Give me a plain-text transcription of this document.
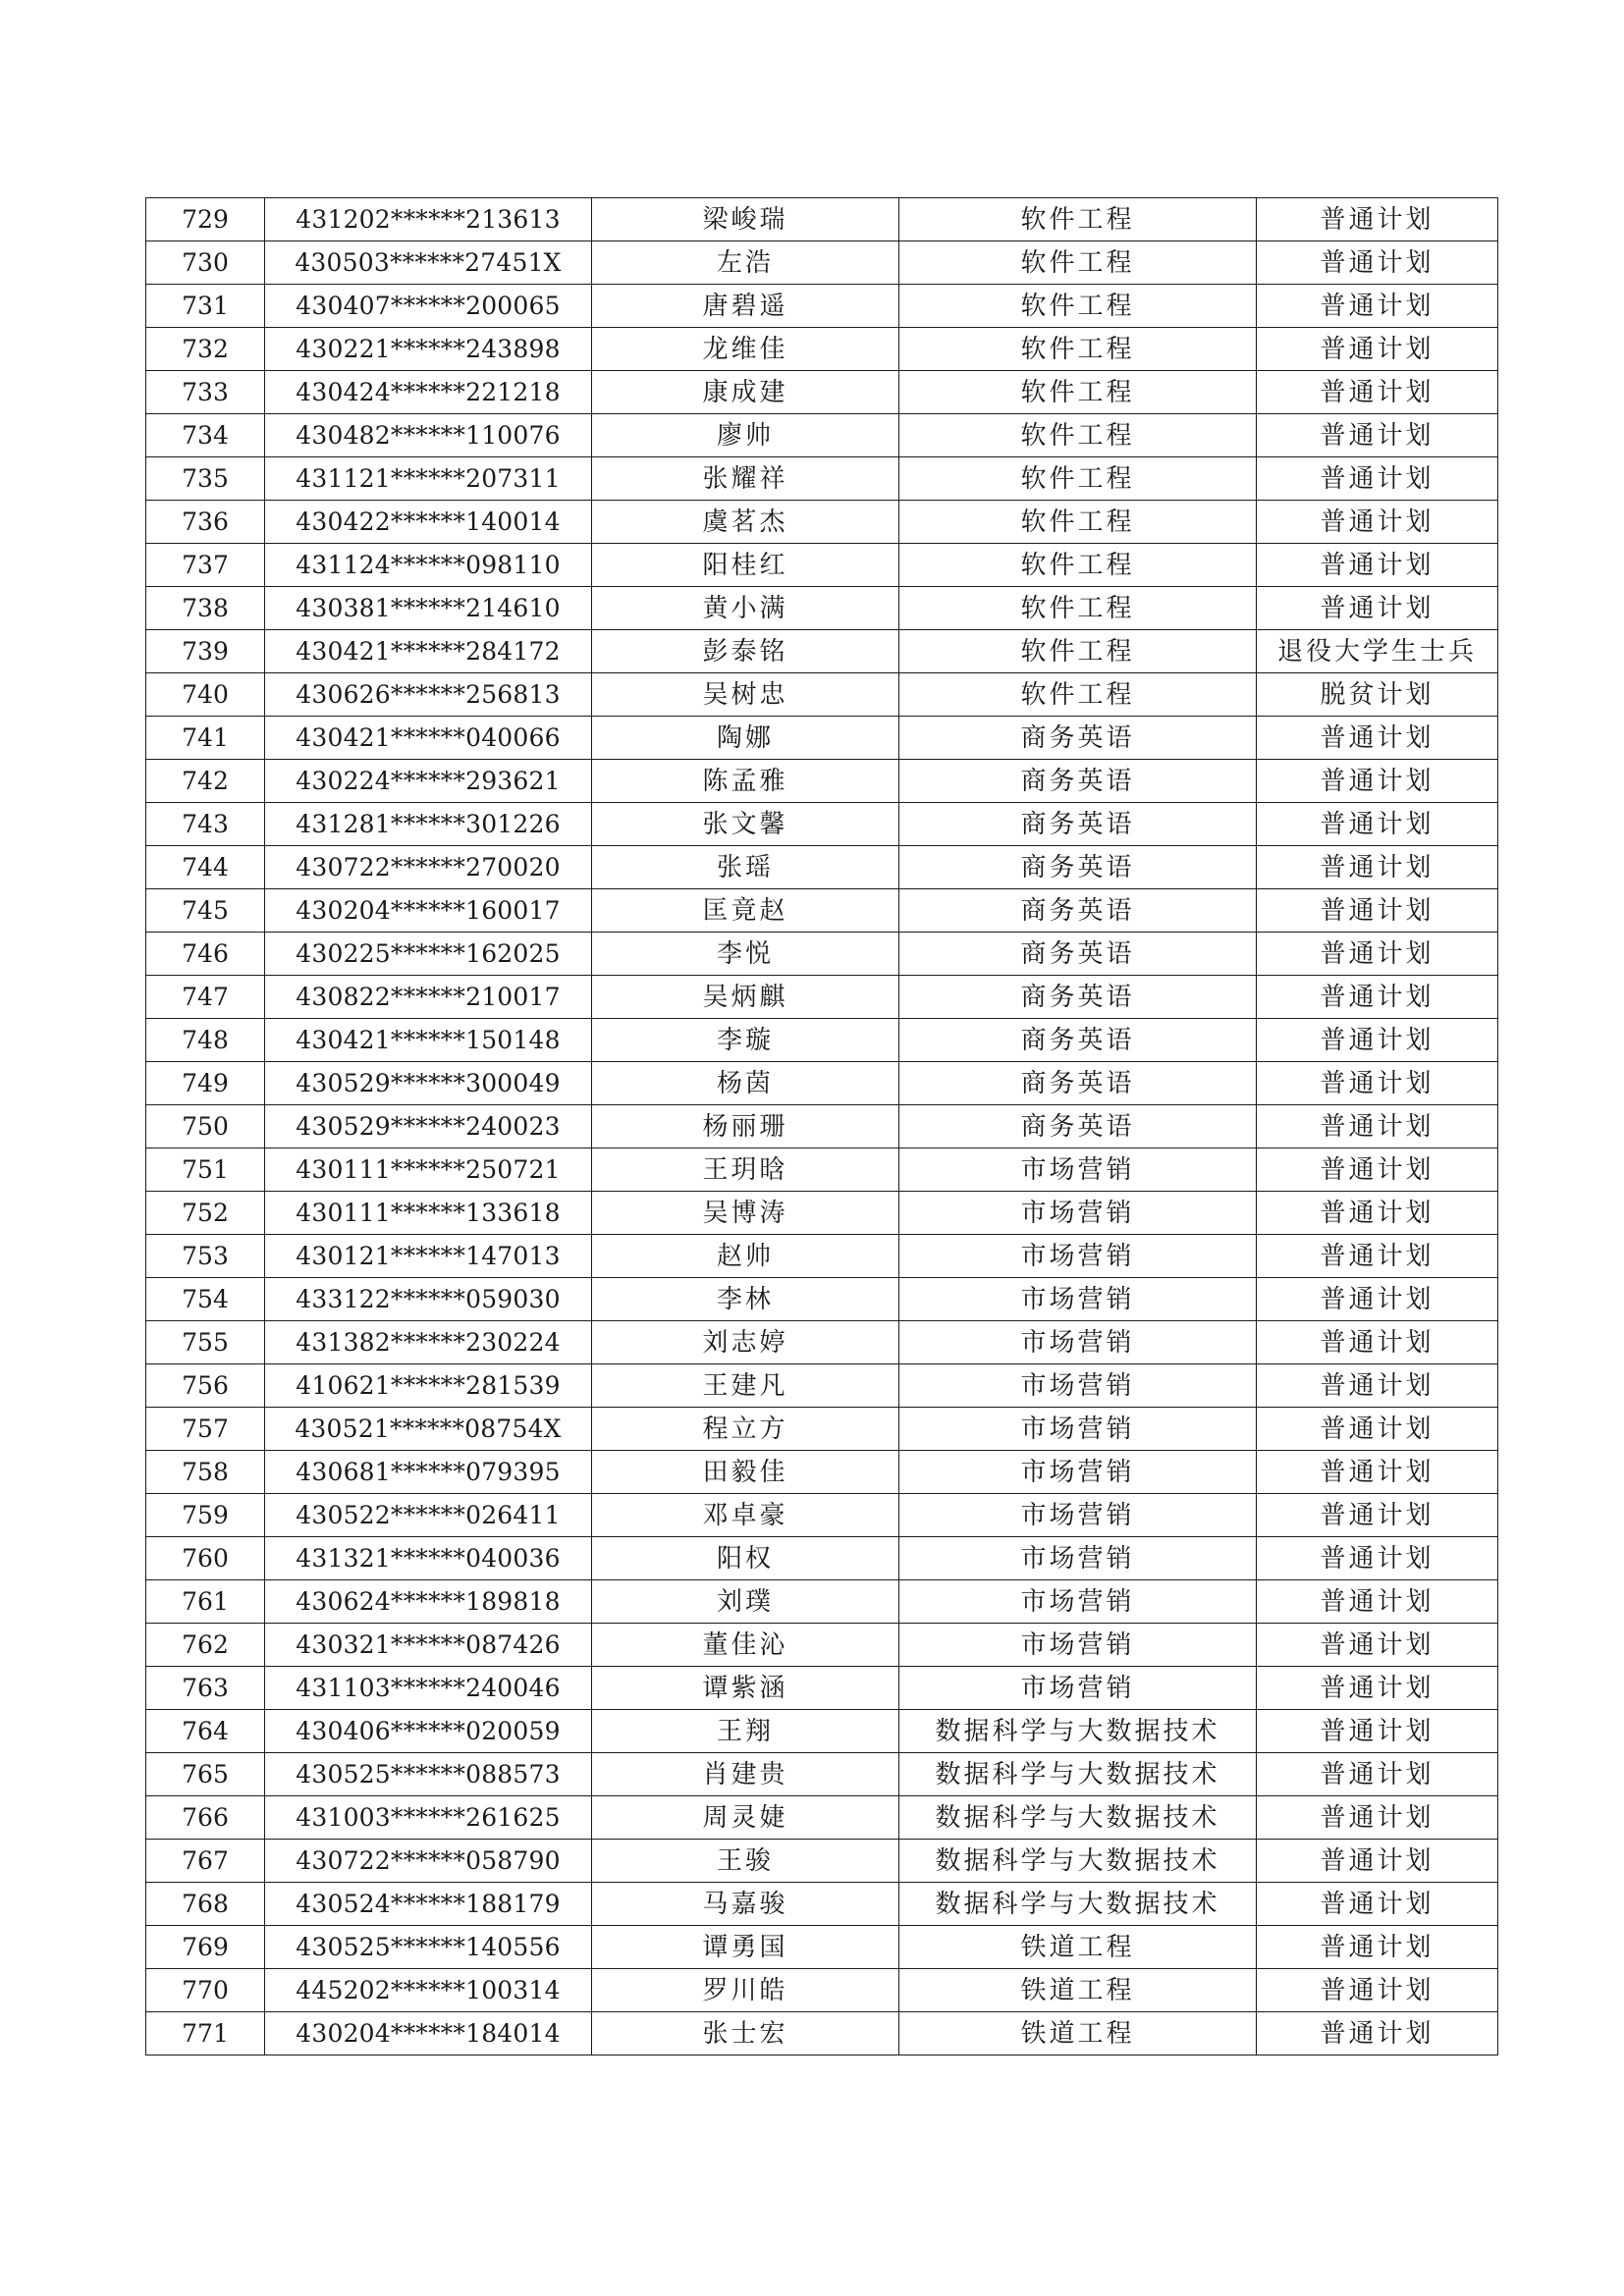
729	431202******213613	梁峻瑞	软件工程	普通计划
730	430503******27451X	左浩	软件工程	普通计划
731	430407******200065	唐碧遥	软件工程	普通计划
732	430221******243898	龙维佳	软件工程	普通计划
733	430424******221218	康成建	软件工程	普通计划
734	430482******110076	廖帅	软件工程	普通计划
735	431121******207311	张耀祥	软件工程	普通计划
736	430422******140014	虞茗杰	软件工程	普通计划
737	431124******098110	阳桂红	软件工程	普通计划
738	430381******214610	黄小满	软件工程	普通计划
739	430421******284172	彭泰铭	软件工程	退役大学生士兵
740	430626******256813	吴树忠	软件工程	脱贫计划
741	430421******040066	陶娜	商务英语	普通计划
742	430224******293621	陈孟雅	商务英语	普通计划
743	431281******301226	张文馨	商务英语	普通计划
744	430722******270020	张瑶	商务英语	普通计划
745	430204******160017	匡竟赵	商务英语	普通计划
746	430225******162025	李悦	商务英语	普通计划
747	430822******210017	吴炳麒	商务英语	普通计划
748	430421******150148	李璇	商务英语	普通计划
749	430529******300049	杨茵	商务英语	普通计划
750	430529******240023	杨丽珊	商务英语	普通计划
751	430111******250721	王玥晗	市场营销	普通计划
752	430111******133618	吴博涛	市场营销	普通计划
753	430121******147013	赵帅	市场营销	普通计划
754	433122******059030	李林	市场营销	普通计划
755	431382******230224	刘志婷	市场营销	普通计划
756	410621******281539	王建凡	市场营销	普通计划
757	430521******08754X	程立方	市场营销	普通计划
758	430681******079395	田毅佳	市场营销	普通计划
759	430522******026411	邓卓豪	市场营销	普通计划
760	431321******040036	阳权	市场营销	普通计划
761	430624******189818	刘璞	市场营销	普通计划
762	430321******087426	董佳沁	市场营销	普通计划
763	431103******240046	谭紫涵	市场营销	普通计划
764	430406******020059	王翔	数据科学与大数据技术	普通计划
765	430525******088573	肖建贵	数据科学与大数据技术	普通计划
766	431003******261625	周灵婕	数据科学与大数据技术	普通计划
767	430722******058790	王骏	数据科学与大数据技术	普通计划
768	430524******188179	马嘉骏	数据科学与大数据技术	普通计划
769	430525******140556	谭勇国	铁道工程	普通计划
770	445202******100314	罗川皓	铁道工程	普通计划
771	430204******184014	张士宏	铁道工程	普通计划
